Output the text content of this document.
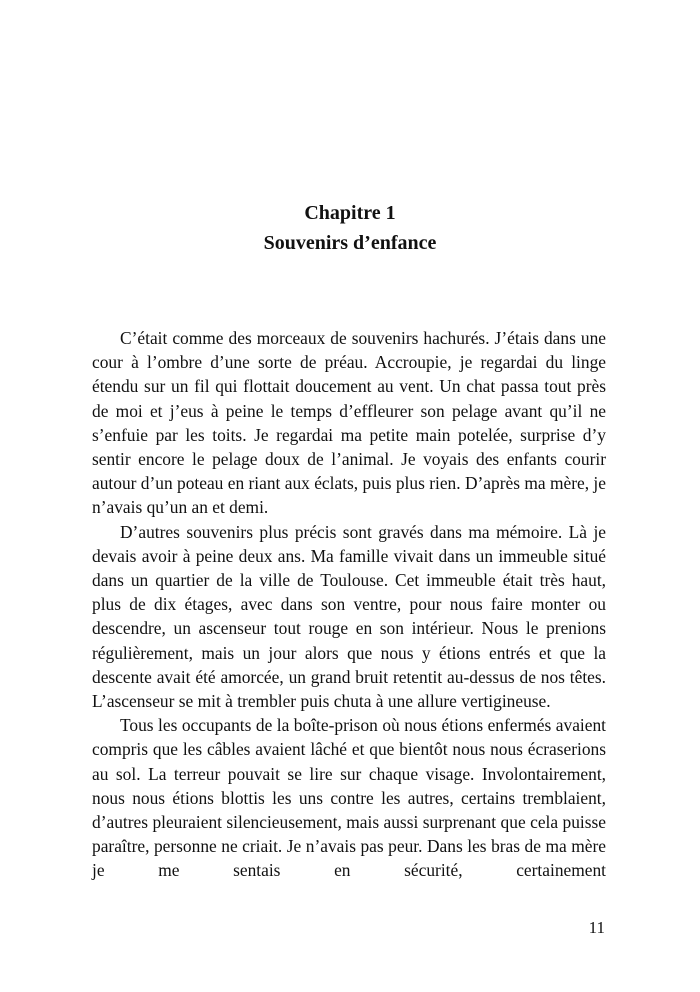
Chapitre 1
Souvenirs d’enfance

C’était comme des morceaux de souvenirs hachurés. J’étais dans une cour à l’ombre d’une sorte de préau. Accroupie, je regardai du linge étendu sur un fil qui flottait doucement au vent. Un chat passa tout près de moi et j’eus à peine le temps d’effleurer son pelage avant qu’il ne s’enfuie par les toits. Je regardai ma petite main potelée, surprise d’y sentir encore le pelage doux de l’animal. Je voyais des enfants courir autour d’un poteau en riant aux éclats, puis plus rien. D’après ma mère, je n’avais qu’un an et demi.

D’autres souvenirs plus précis sont gravés dans ma mémoire. Là je devais avoir à peine deux ans. Ma famille vivait dans un immeuble situé dans un quartier de la ville de Toulouse. Cet immeuble était très haut, plus de dix étages, avec dans son ventre, pour nous faire monter ou descendre, un ascenseur tout rouge en son intérieur. Nous le prenions régulièrement, mais un jour alors que nous y étions entrés et que la descente avait été amorcée, un grand bruit retentit au-dessus de nos têtes. L’ascenseur se mit à trembler puis chuta à une allure vertigineuse.

Tous les occupants de la boîte-prison où nous étions enfermés avaient compris que les câbles avaient lâché et que bientôt nous nous écraserions au sol. La terreur pouvait se lire sur chaque visage. Involontairement, nous nous étions blottis les uns contre les autres, certains tremblaient, d’autres pleuraient silencieusement, mais aussi surprenant que cela puisse paraître, personne ne criait. Je n’avais pas peur. Dans les bras de ma mère je me sentais en sécurité, certainement

11
